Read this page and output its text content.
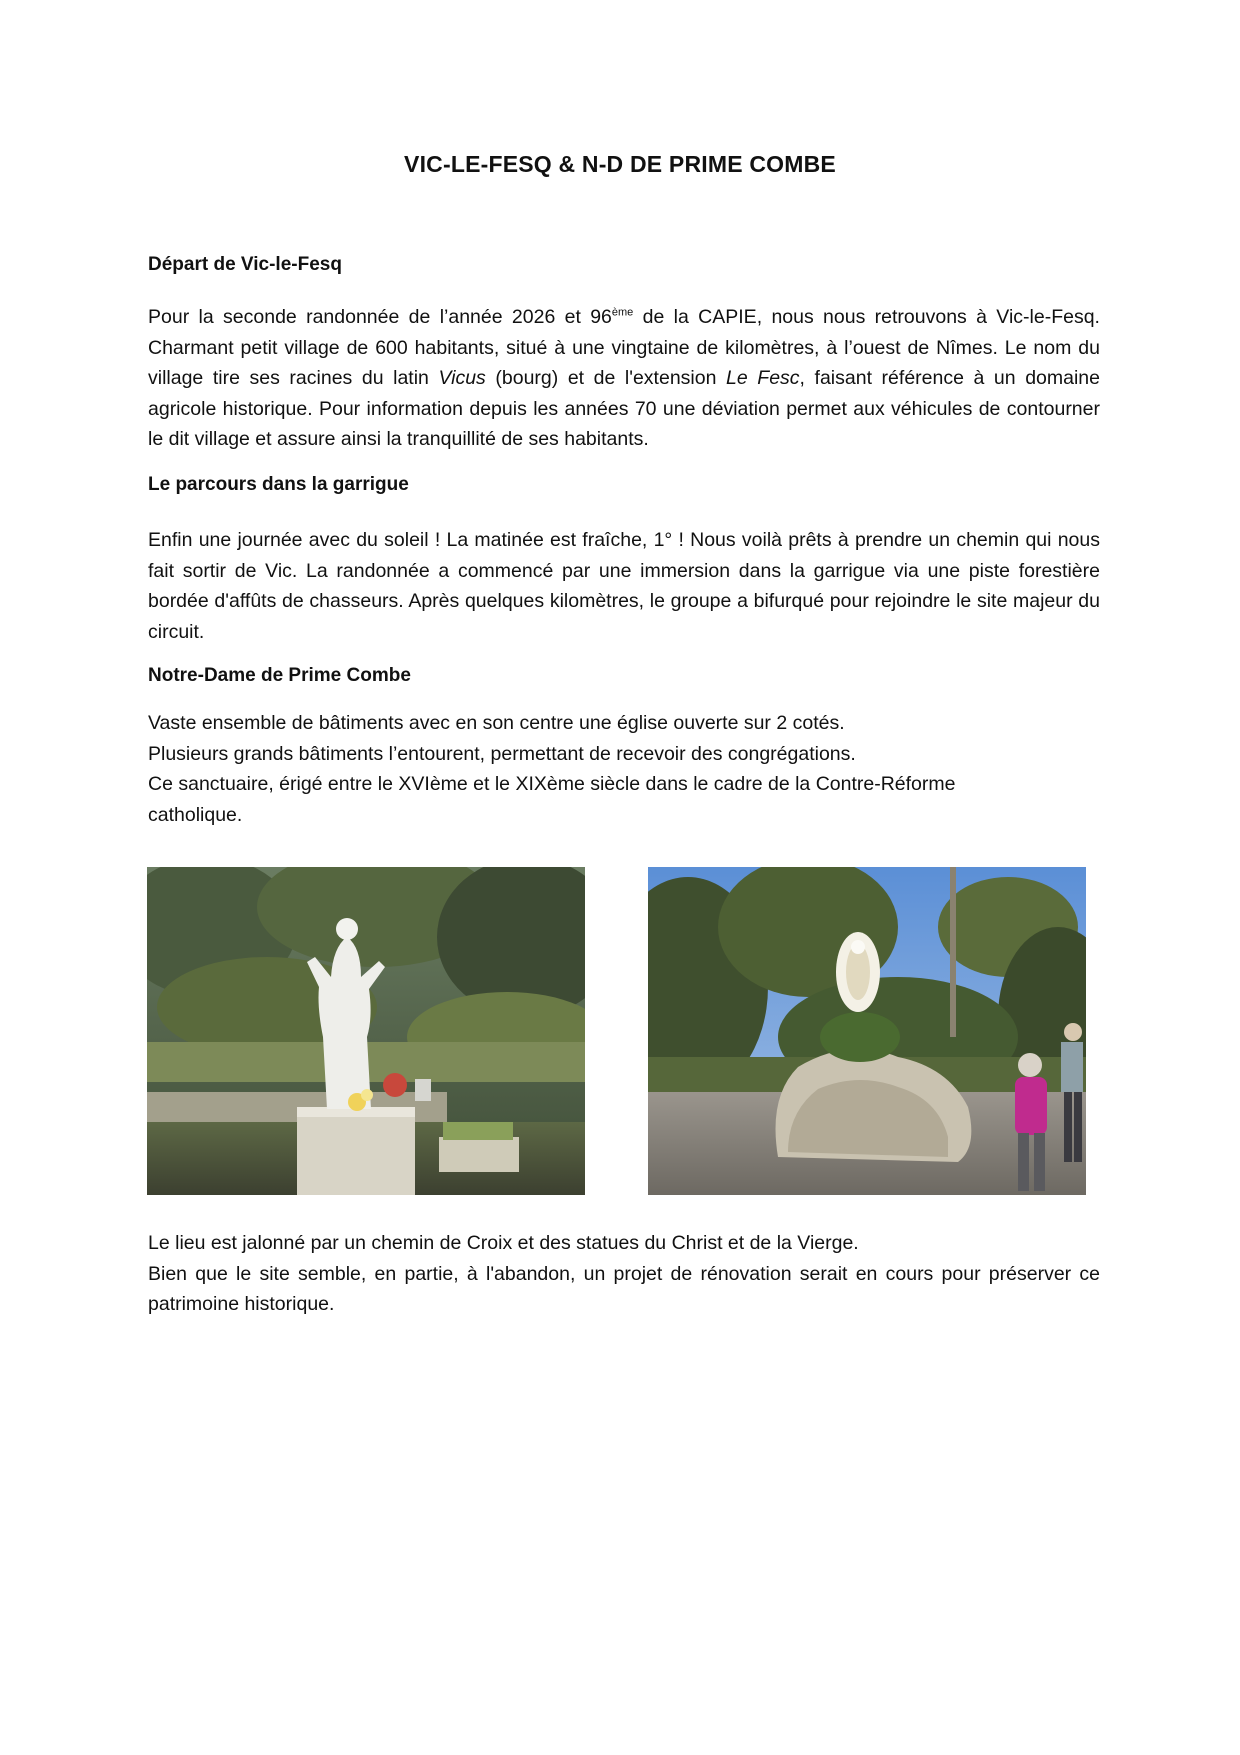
VIC-LE-FESQ & N-D DE PRIME COMBE
Départ de Vic-le-Fesq

Pour la seconde randonnée de l’année 2026 et 96ème de la CAPIE, nous nous retrouvons à Vic-le-Fesq. Charmant petit village de 600 habitants, situé à une vingtaine de kilomètres, à l’ouest de Nîmes. Le nom du village tire ses racines du latin Vicus (bourg) et de l'extension Le Fesc, faisant référence à un domaine agricole historique. Pour information depuis les années 70 une déviation permet aux véhicules de contourner le dit village et assure ainsi la tranquillité de ses habitants.

Le parcours dans la garrigue

Enfin une journée avec du soleil ! La matinée est fraîche, 1° ! Nous voilà prêts à prendre un chemin qui nous fait sortir de Vic. La randonnée a commencé par une immersion dans la garrigue via une piste forestière bordée d'affûts de chasseurs. Après quelques kilomètres, le groupe a bifurqué pour rejoindre le site majeur du circuit.

Notre-Dame de Prime Combe

Vaste ensemble de bâtiments avec en son centre une église ouverte sur 2 cotés.
Plusieurs grands bâtiments l’entourent, permettant de recevoir des congrégations.
Ce sanctuaire, érigé entre le XVIème et le XIXème siècle dans le cadre de la Contre-Réforme
catholique.

Le lieu est jalonné par un chemin de Croix et des statues du Christ et de la Vierge.
Bien que le site semble, en partie, à l'abandon, un projet de rénovation serait en cours pour préserver ce patrimoine historique.
